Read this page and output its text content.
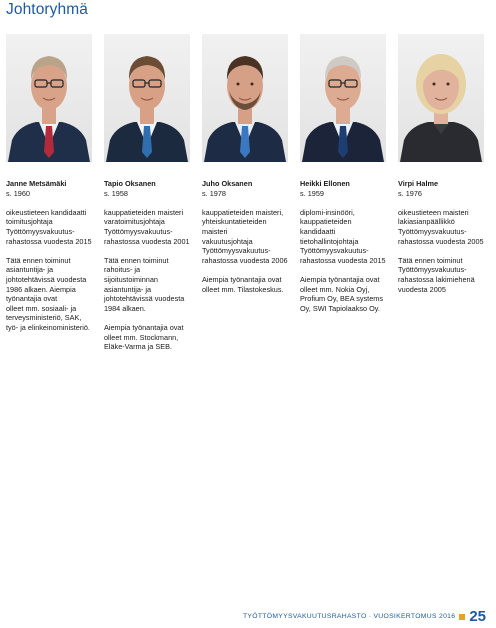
Johtoryhmä
Janne Metsämäki
s. 1960

oikeustieteen kandidaatti
toimitusjohtaja
Työttömyysvakuutus-
rahastossa vuodesta 2015

Tätä ennen toiminut
asiantuntija- ja
johtotehtävissä vuodesta
1986 alkaen. Aiempia
työnantajia ovat
olleet mm. sosiaali- ja
terveysministeriö, SAK,
työ- ja elinkeinoministeriö.

Tapio Oksanen
s. 1958

kauppatieteiden maisteri
varatoimitusjohtaja
Työttömyysvakuutus-
rahastossa vuodesta 2001

Tätä ennen toiminut
rahoitus- ja
sijoitustoiminnan
asiantuntija- ja
johtotehtävissä vuodesta
1984 alkaen.

Aiempia työnantajia ovat
olleet mm. Stockmann,
Eläke-Varma ja SEB.

Juho Oksanen
s. 1978

kauppatieteiden maisteri,
yhteiskuntatieteiden
maisteri
vakuutusjohtaja
Työttömyysvakuutus-
rahastossa vuodesta 2006

Aiempia työnantajia ovat
olleet mm. Tilastokeskus.

Heikki Ellonen
s. 1959

diplomi-insinööri,
kauppatieteiden
kandidaatti
tietohallintojohtaja
Työttömyysvakuutus-
rahastossa vuodesta 2015

Aiempia työnantajia ovat
olleet mm. Nokia Oyj,
Profium Oy, BEA systems
Oy, SWI Tapiolaakso Oy.

Virpi Halme
s. 1976

oikeustieteen maisteri
lakiasianpäällikkö
Työttömyysvakuutus-
rahastossa vuodesta 2005

Tätä ennen toiminut
Työttömyysvakuutus-
rahastossa lakimiehenä
vuodesta 2005

TYÖTTÖMYYSVAKUUTUSRAHASTO · VUOSIKERTOMUS 2016 25
